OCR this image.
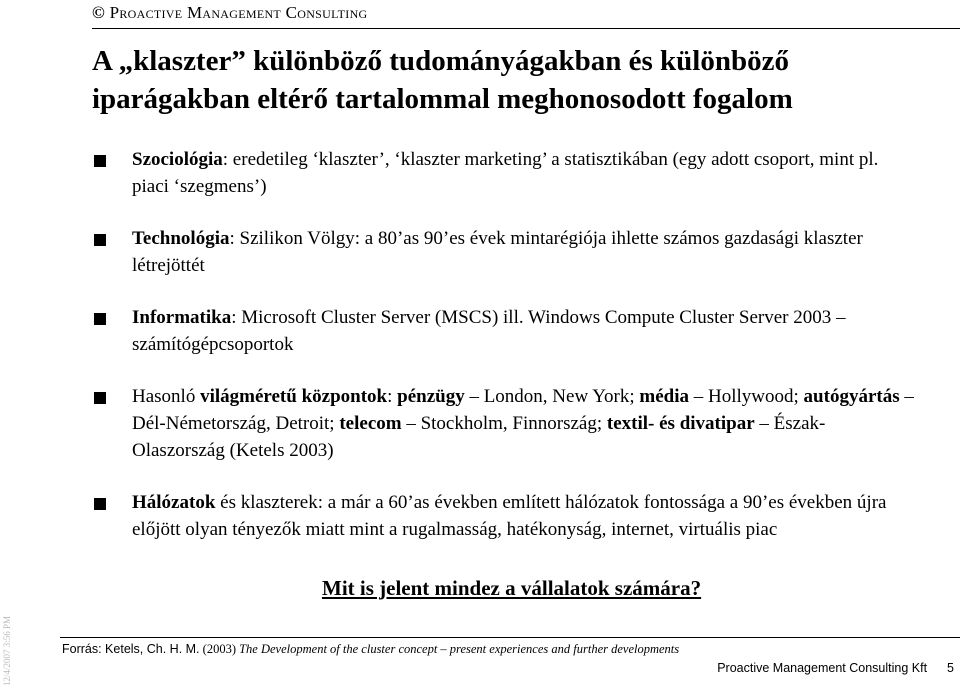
© Proactive Management Consulting
A „klaszter” különböző tudományágakban és különböző
iparágakban eltérő tartalommal meghonosodott fogalom
Szociológia: eredetileg ‘klaszter’, ‘klaszter marketing’ a statisztikában (egy adott csoport, mint pl. piaci ‘szegmens’)
Technológia: Szilikon Völgy: a 80’as 90’es évek mintarégiója ihlette számos gazdasági klaszter létrejöttét
Informatika: Microsoft Cluster Server (MSCS) ill. Windows Compute Cluster Server 2003 – számítógépcsoportok
Hasonló világméretű központok: pénzügy – London, New York; média – Hollywood; autógyártás – Dél-Németország, Detroit; telecom – Stockholm, Finnország; textil- és divatipar – Észak-Olaszország (Ketels 2003)
Hálózatok és klaszterek: a már a 60’as években említett hálózatok fontossága a 90’es években újra előjött olyan tényezők miatt mint a rugalmasság, hatékonyság, internet, virtuális piac
Mit is jelent mindez a vállalatok számára?
Forrás: Ketels, Ch. H. M. (2003) The Development of the cluster concept – present experiences and further developments
12/4/2007 3:56 PM	Proactive Management Consulting Kft 5
